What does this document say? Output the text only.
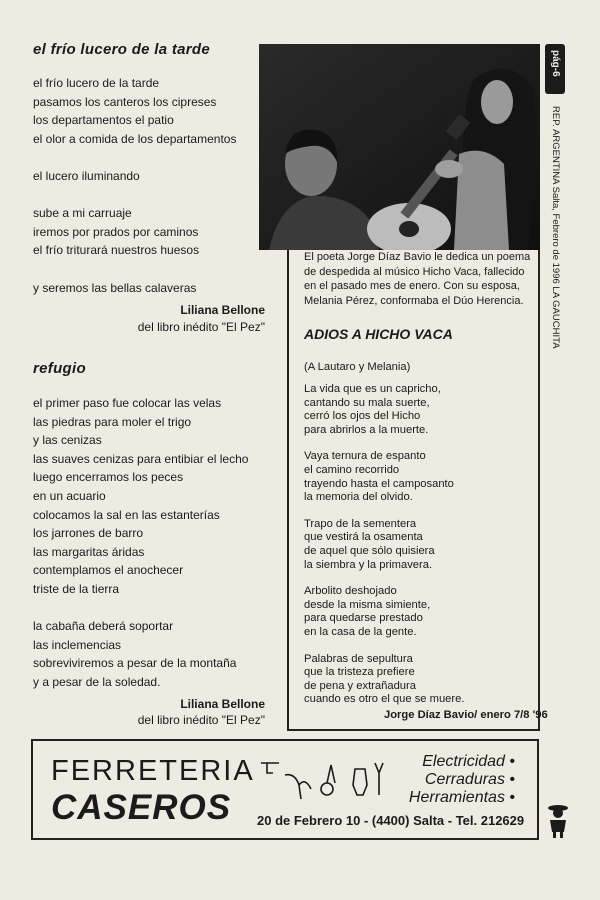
el frío lucero de la tarde
el frío lucero de la tarde
pasamos los canteros los cipreses
los departamentos el patio
el olor a comida de los departamentos

el lucero iluminando

sube a mi carruaje
iremos por prados por caminos
el frío triturará nuestros huesos

y seremos las bellas calaveras
Liliana Bellone
del libro inédito "El Pez"
refugio
el primer paso fue colocar las velas
las piedras para moler el trigo
y las cenizas
las suaves cenizas para entibiar el lecho
luego encerramos los peces
en un acuario
colocamos la sal en las estanterías
los jarrones de barro
las margaritas áridas
contemplamos el anochecer
triste de la tierra

la cabaña deberá soportar
las inclemencias
sobreviviremos a pesar de la montaña
y a pesar de la soledad.
Liliana Bellone
del libro inédito "El Pez"
El poeta Jorge Díaz Bavio le dedica un poema de despedida al músico Hicho Vaca, fallecido en el pasado mes de enero. Con su esposa, Melania Pérez, conformaba el Dúo Herencia.
ADIOS A HICHO VACA
(A Lautaro y Melania)
La vida que es un capricho,
cantando su mala suerte,
cerró los ojos del Hicho
para abrirlos a la muerte.
Vaya ternura de espanto
el camino recorrido
trayendo hasta el camposanto
la memoria del olvido.
Trapo de la sementera
que vestirá la osamenta
de aquel que sólo quisiera
la siembra y la primavera.
Arbolito deshojado
desde la misma simiente,
para quedarse prestado
en la casa de la gente.
Palabras de sepultura
que la tristeza prefiere
de pena y extrañadura
cuando es otro el que se muere.
Jorge Díaz Bavio/ enero 7/8 '96
pág-6
REP. ARGENTINA Salta, Febrero de 1996 LA GAUCHITA
FERRETERIA
CASEROS
Electricidad •
Cerraduras •
Herramientas •
20 de Febrero 10 - (4400) Salta - Tel. 212629
